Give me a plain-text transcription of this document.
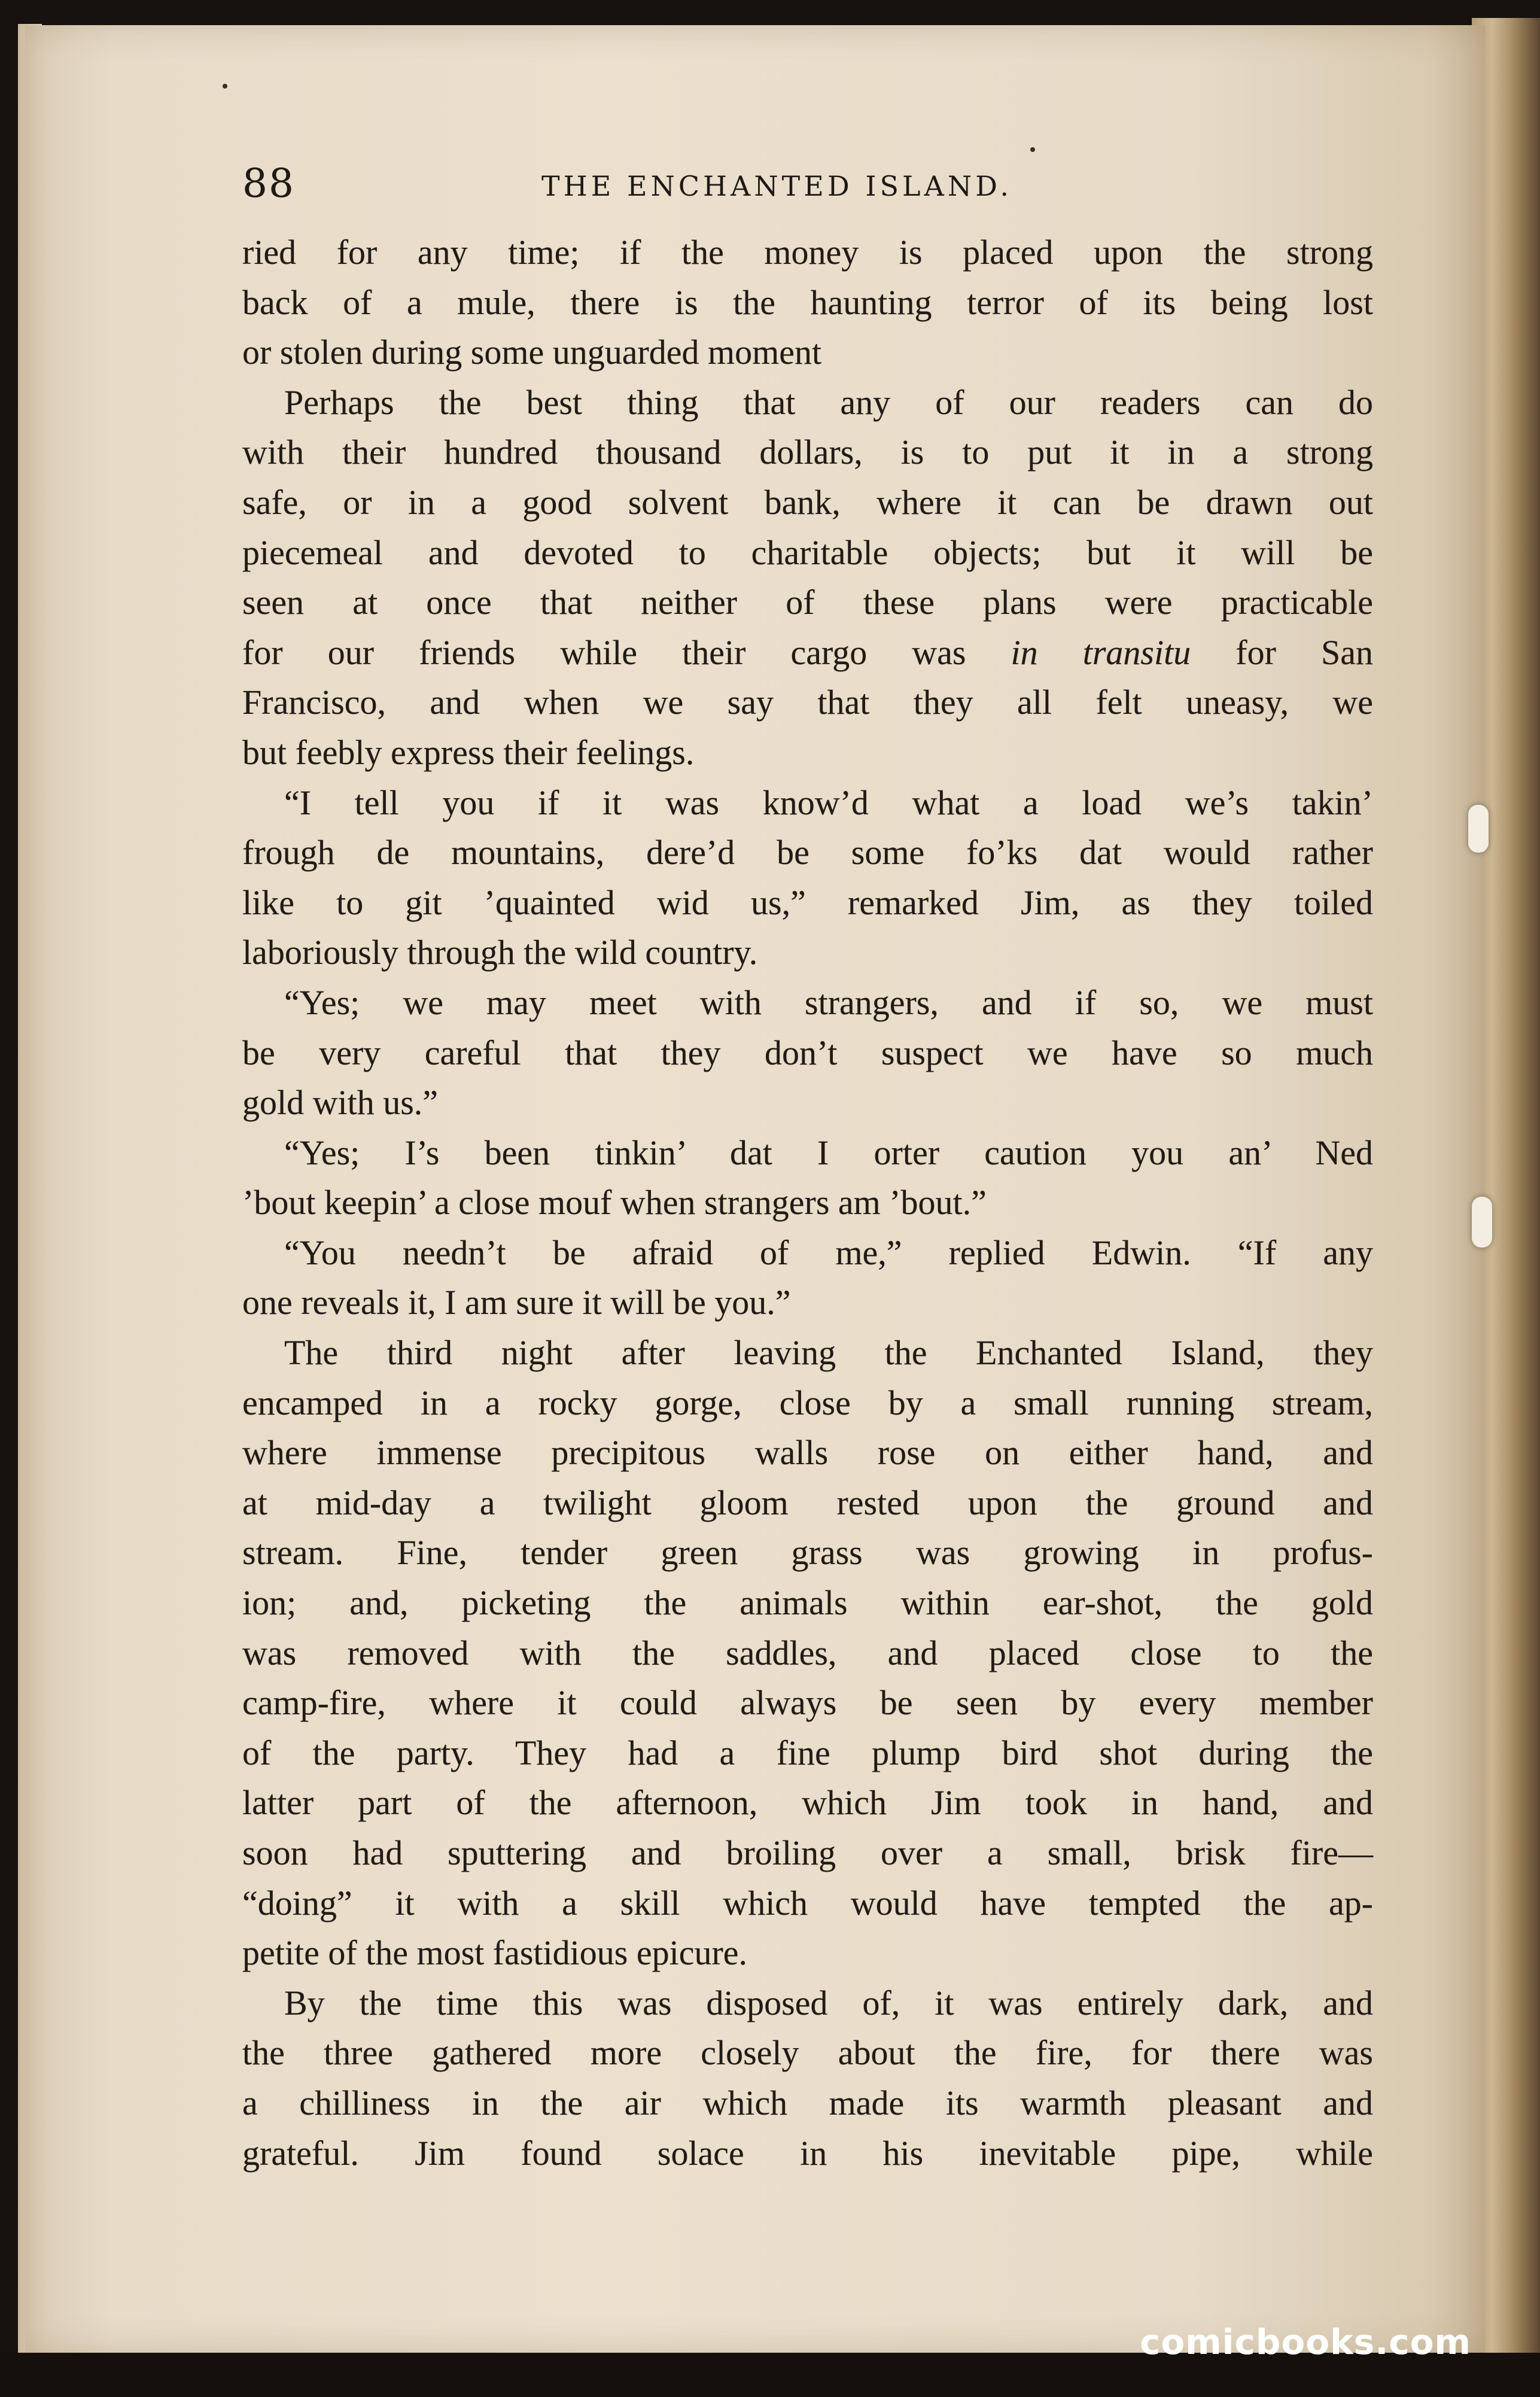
88	THE ENCHANTED ISLAND.
ried for any time; if the money is placed upon the strong
back of a mule, there is the haunting terror of its being lost
or stolen during some unguarded moment
Perhaps the best thing that any of our readers can do
with their hundred thousand dollars, is to put it in a strong
safe, or in a good solvent bank, where it can be drawn out
piecemeal and devoted to charitable objects; but it will be
seen at once that neither of these plans were practicable
for our friends while their cargo was in transitu for San
Francisco, and when we say that they all felt uneasy, we
but feebly express their feelings.
“I tell you if it was know’d what a load we’s takin’
frough de mountains, dere’d be some fo’ks dat would rather
like to git ’quainted wid us,” remarked Jim, as they toiled
laboriously through the wild country.
“Yes; we may meet with strangers, and if so, we must
be very careful that they don’t suspect we have so much
gold with us.”
“Yes; I’s been tinkin’ dat I orter caution you an’ Ned
’bout keepin’ a close mouf when strangers am ’bout.”
“You needn’t be afraid of me,” replied Edwin. “If any
one reveals it, I am sure it will be you.”
The third night after leaving the Enchanted Island, they
encamped in a rocky gorge, close by a small running stream,
where immense precipitous walls rose on either hand, and
at mid-day a twilight gloom rested upon the ground and
stream. Fine, tender green grass was growing in profus-
ion; and, picketing the animals within ear-shot, the gold
was removed with the saddles, and placed close to the
camp-fire, where it could always be seen by every member
of the party. They had a fine plump bird shot during the
latter part of the afternoon, which Jim took in hand, and
soon had sputtering and broiling over a small, brisk fire—
“doing” it with a skill which would have tempted the ap-
petite of the most fastidious epicure.
By the time this was disposed of, it was entirely dark, and
the three gathered more closely about the fire, for there was
a chilliness in the air which made its warmth pleasant and
grateful. Jim found solace in his inevitable pipe, while
comicbooks.com
